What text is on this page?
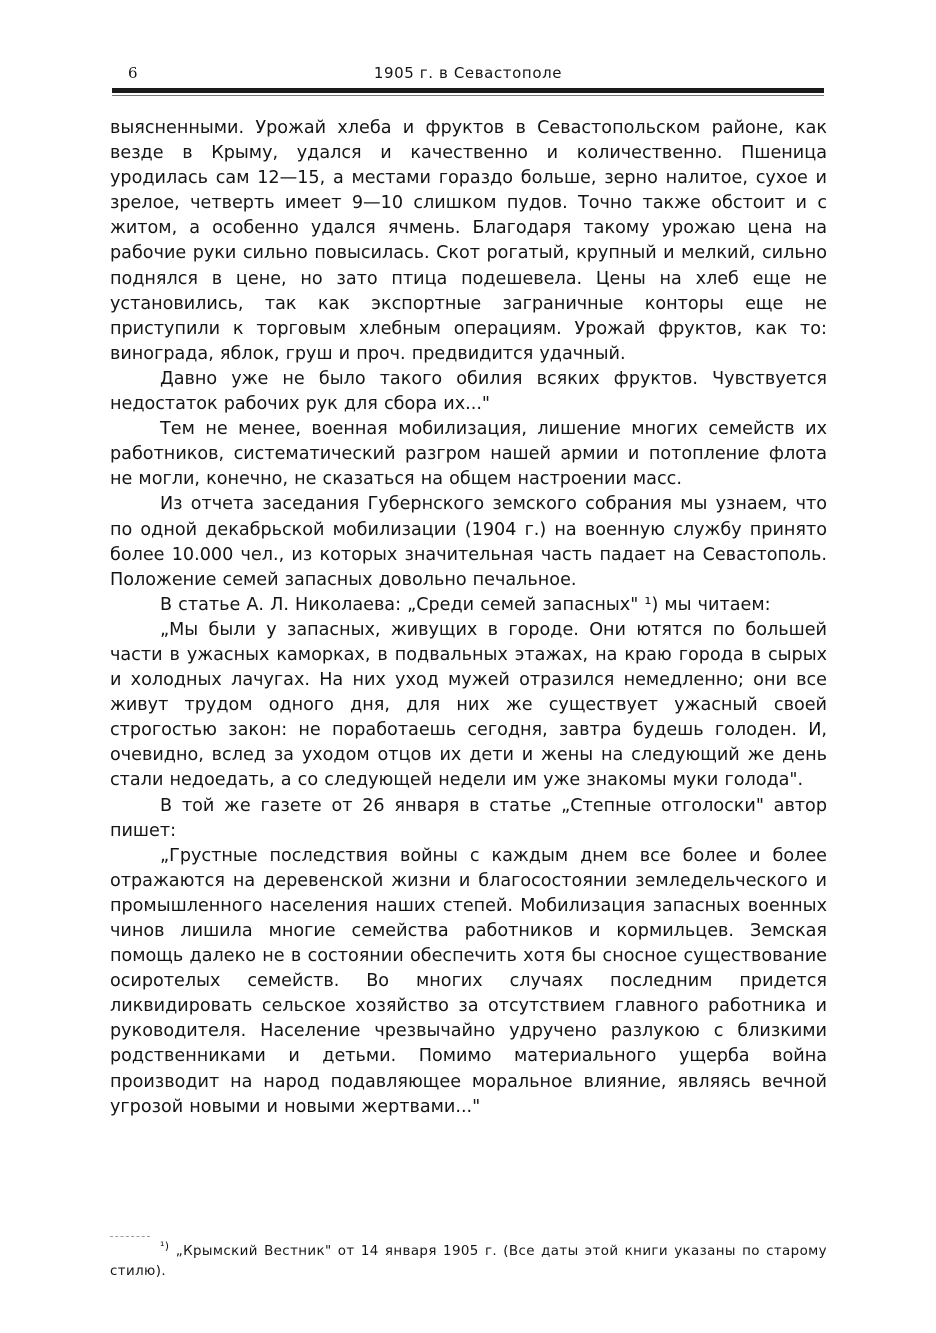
6	1905 г. в Севастополе

выясненными. Урожай хлеба и фруктов в Севастопольском районе, как везде в Крыму, удался и качественно и количественно. Пшеница уродилась сам 12—15, а местами гораздо больше, зерно налитое, сухое и зрелое, четверть имеет 9—10 слишком пудов. Точно также обстоит и с житом, а особенно удался ячмень. Благодаря такому урожаю цена на рабочие руки сильно повысилась. Скот рогатый, крупный и мелкий, сильно поднялся в цене, но зато птица подешевела. Цены на хлеб еще не установились, так как экспортные заграничные конторы еще не приступили к торговым хлебным операциям. Урожай фруктов, как то: винограда, яблок, груш и проч. предвидится удачный.

Давно уже не было такого обилия всяких фруктов. Чувствуется недостаток рабочих рук для сбора их..."

Тем не менее, военная мобилизация, лишение многих семейств их работников, систематический разгром нашей армии и потопление флота не могли, конечно, не сказаться на общем настроении масс.

Из отчета заседания Губернского земского собрания мы узнаем, что по одной декабрьской мобилизации (1904 г.) на военную службу принято более 10.000 чел., из которых значительная часть падает на Севастополь. Положение семей запасных довольно печальное.

В статье А. Л. Николаева: „Среди семей запасных" ¹) мы читаем:

„Мы были у запасных, живущих в городе. Они ютятся по большей части в ужасных каморках, в подвальных этажах, на краю города в сырых и холодных лачугах. На них уход мужей отразился немедленно; они все живут трудом одного дня, для них же существует ужасный своей строгостью закон: не поработаешь сегодня, завтра будешь голоден. И, очевидно, вслед за уходом отцов их дети и жены на следующий же день стали недоедать, а со следующей недели им уже знакомы муки голода".

В той же газете от 26 января в статье „Степные отголоски" автор пишет:

„Грустные последствия войны с каждым днем все более и более отражаются на деревенской жизни и благосостоянии земледельческого и промышленного населения наших степей. Мобилизация запасных военных чинов лишила многие семейства работников и кормильцев. Земская помощь далеко не в состоянии обеспечить хотя бы сносное существование осиротелых семейств. Во многих случаях последним придется ликвидировать сельское хозяйство за отсутствием главного работника и руководителя. Население чрезвычайно удручено разлукою с близкими родственниками и детьми. Помимо материального ущерба война производит на народ подавляющее моральное влияние, являясь вечной угрозой новыми и новыми жертвами..."

$^{^1)}$ „Крымский Вестник" от 14 января 1905 г. (Все даты этой книги указаны по старому стилю).
